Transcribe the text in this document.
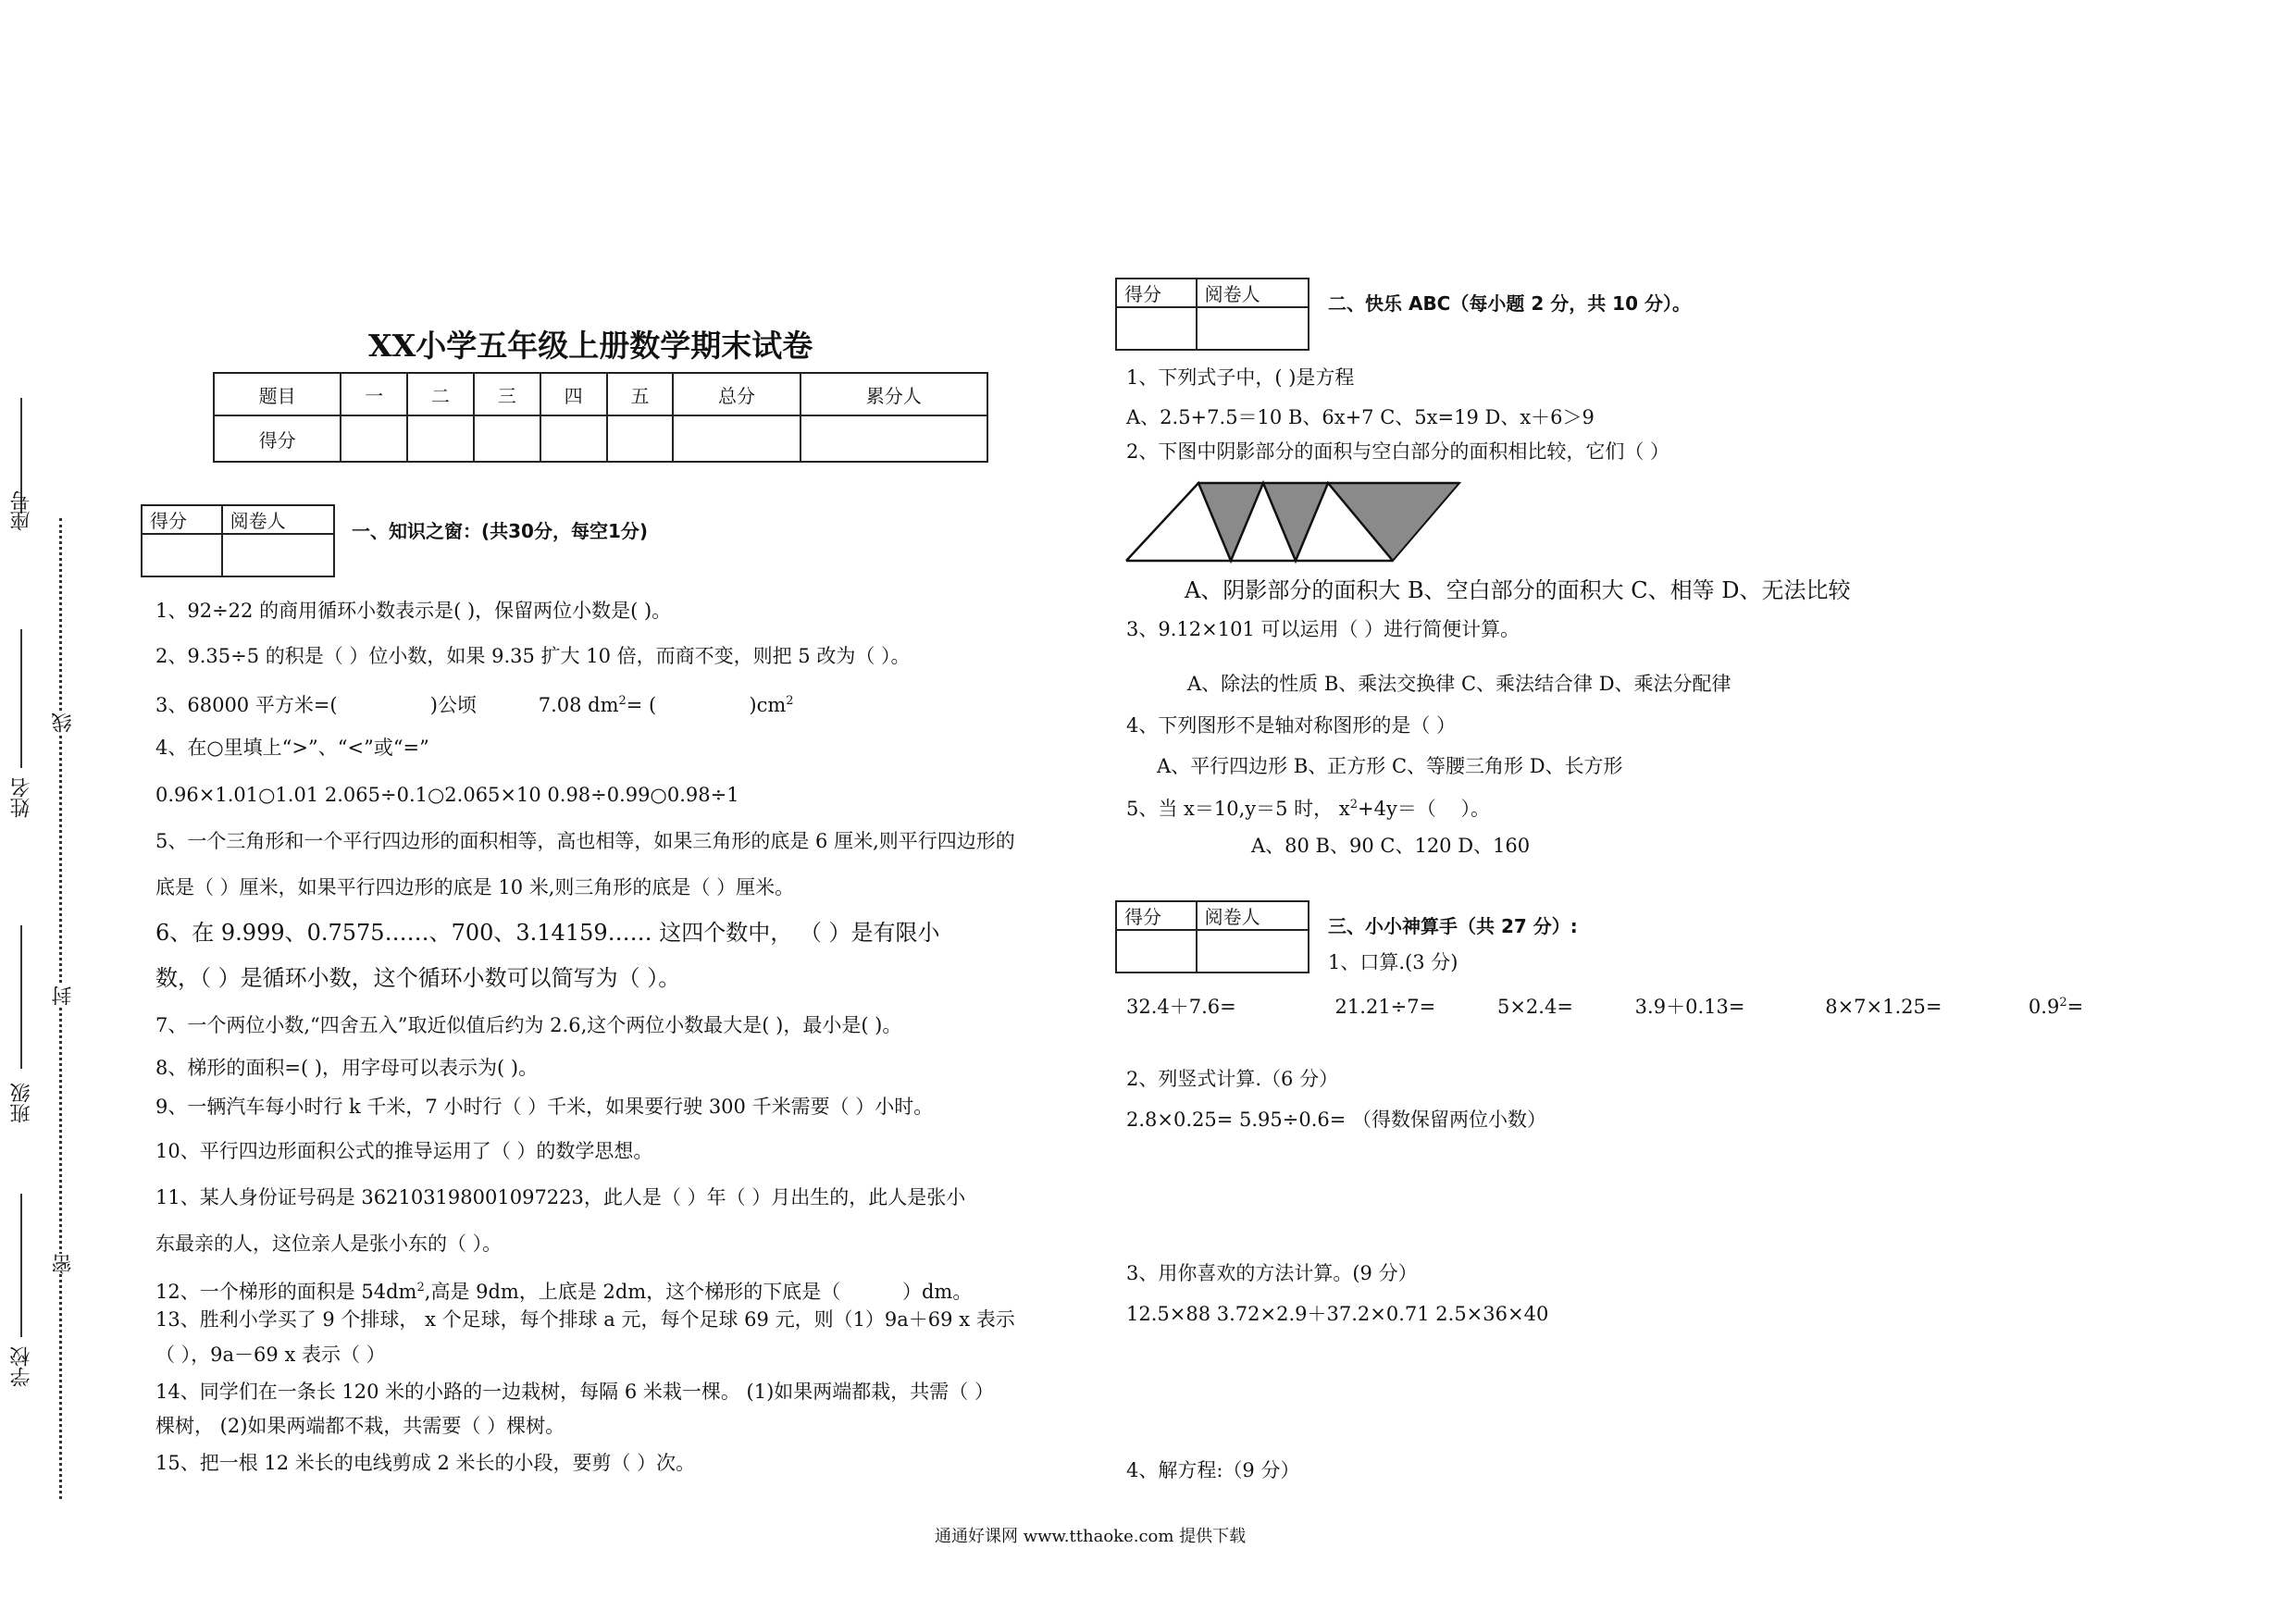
座号
姓名
班级
学校
线
封
密
XX小学五年级上册数学期末试卷
题目	一	二	三	四	五	总分	累分人
得分							
得分	阅卷人
		一、知识之窗：(共30分，每空1分)
1、92÷22 的商用循环小数表示是( )，保留两位小数是( )。
2、9.35÷5 的积是（ ）位小数，如果 9.35 扩大 10 倍，而商不变，则把 5 改为（ ）。
3、68000 平方米=(               )公顷          7.08 $dm^2=$ (               )$cm^2$
4、在○里填上“>”、“<”或“=”
0.96×1.01○1.01 2.065÷0.1○2.065×10 0.98÷0.99○0.98÷1
5、一个三角形和一个平行四边形的面积相等，高也相等，如果三角形的底是 6 厘米,则平行四边形的
底是（ ）厘米，如果平行四边形的底是 10 米,则三角形的底是（ ）厘米。
6、在 9.999、0.7575……、700、3.14159…… 这四个数中， （ ）是有限小
数，（ ）是循环小数，这个循环小数可以简写为（ ）。
7、一个两位小数,“四舍五入”取近似值后约为 2.6,这个两位小数最大是( )，最小是( )。
8、梯形的面积=( )，用字母可以表示为( )。
9、一辆汽车每小时行 k 千米，7 小时行（ ）千米，如果要行驶 300 千米需要（ ）小时。
10、平行四边形面积公式的推导运用了（ ）的数学思想。
11、某人身份证号码是 362103198001097223，此人是（ ）年（ ）月出生的，此人是张小
东最亲的人，这位亲人是张小东的（ ）。
12、一个梯形的面积是 $54dm^2$,高是 9dm，上底是 2dm，这个梯形的下底是（          ）dm。
13、胜利小学买了 9 个排球， x 个足球，每个排球 a 元，每个足球 69 元，则（1）9a＋69 x 表示
（ ），9a－69 x 表示（ ）
14、同学们在一条长 120 米的小路的一边栽树，每隔 6 米栽一棵。 (1)如果两端都栽，共需（ ）
棵树， (2)如果两端都不栽，共需要（ ）棵树。
15、把一根 12 米长的电线剪成 2 米长的小段，要剪（ ）次。
得分	阅卷人
		二、快乐 ABC（每小题 2 分，共 10 分）。
1、下列式子中，( )是方程
A、2.5+7.5＝10 B、6x+7 C、5x=19 D、x＋6＞9
2、下图中阴影部分的面积与空白部分的面积相比较，它们（ ）
A、阴影部分的面积大 B、空白部分的面积大 C、相等 D、无法比较
3、9.12×101 可以运用（ ）进行简便计算。
A、除法的性质 B、乘法交换律 C、乘法结合律 D、乘法分配律
4、下列图形不是轴对称图形的是（ ）
A、平行四边形 B、正方形 C、等腰三角形 D、长方形
5、当 x＝10,y＝5 时， $x^2+4y=$（    ）。
A、80 B、90 C、120 D、160
得分	阅卷人
		三、小小神算手（共 27 分）:
1、口算.(3 分)
32.4＋7.6=                21.21÷7=          5×2.4=          3.9＋0.13=             8×7×1.25=              $0.9^2=$
2、列竖式计算.（6 分）
2.8×0.25= 5.95÷0.6= （得数保留两位小数）
3、用你喜欢的方法计算。(9 分）
12.5×88 3.72×2.9＋37.2×0.71 2.5×36×40
4、解方程:（9 分）
通通好课网 www.tthaoke.com 提供下载
